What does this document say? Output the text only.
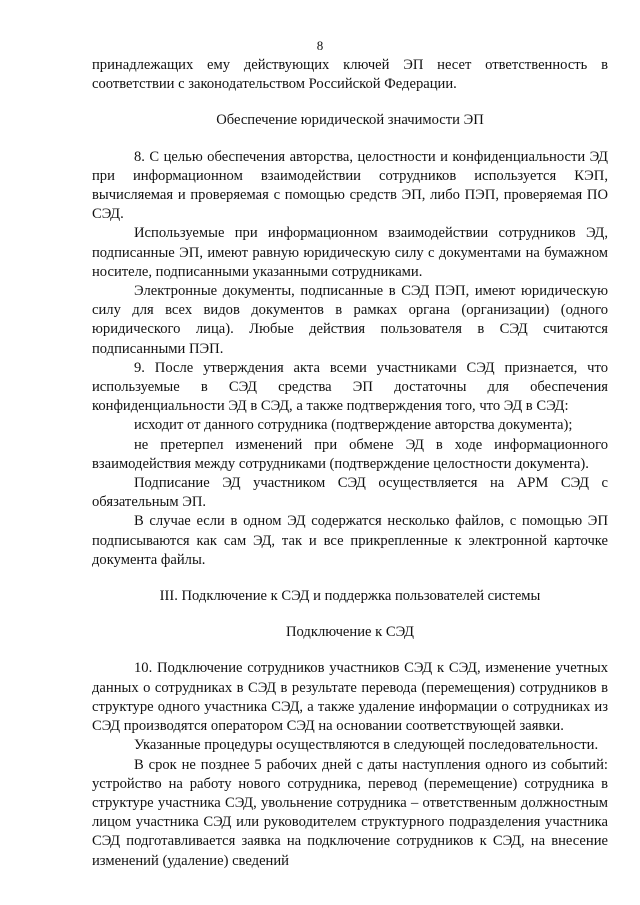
8

принадлежащих ему действующих ключей ЭП несет ответственность в соответствии с законодательством Российской Федерации.

Обеспечение юридической значимости ЭП

8. С целью обеспечения авторства, целостности и конфиденциальности ЭД при информационном взаимодействии сотрудников используется КЭП, вычисляемая и проверяемая с помощью средств ЭП, либо ПЭП, проверяемая ПО СЭД.

Используемые при информационном взаимодействии сотрудников ЭД, подписанные ЭП, имеют равную юридическую силу с документами на бумажном носителе, подписанными указанными сотрудниками.

Электронные документы, подписанные в СЭД ПЭП, имеют юридическую силу для всех видов документов в рамках органа (организации) (одного юридического лица). Любые действия пользователя в СЭД считаются подписанными ПЭП.

9. После утверждения акта всеми участниками СЭД признается, что используемые в СЭД средства ЭП достаточны для обеспечения конфиденциальности ЭД в СЭД, а также подтверждения того, что ЭД в СЭД:

исходит от данного сотрудника (подтверждение авторства документа);

не претерпел изменений при обмене ЭД в ходе информационного взаимодействия между сотрудниками (подтверждение целостности документа).

Подписание ЭД участником СЭД осуществляется на АРМ СЭД с обязательным ЭП.

В случае если в одном ЭД содержатся несколько файлов, с помощью ЭП подписываются как сам ЭД, так и все прикрепленные к электронной карточке документа файлы.

III. Подключение к СЭД и поддержка пользователей системы

Подключение к СЭД

10. Подключение сотрудников участников СЭД к СЭД, изменение учетных данных о сотрудниках в СЭД в результате перевода (перемещения) сотрудников в структуре одного участника СЭД, а также удаление информации о сотрудниках из СЭД производятся оператором СЭД на основании соответствующей заявки.

Указанные процедуры осуществляются в следующей последовательности.

В срок не позднее 5 рабочих дней с даты наступления одного из событий: устройство на работу нового сотрудника, перевод (перемещение) сотрудника в структуре участника СЭД, увольнение сотрудника – ответственным должностным лицом участника СЭД или руководителем структурного подразделения участника СЭД подготавливается заявка на подключение сотрудников к СЭД, на внесение изменений (удаление) сведений
